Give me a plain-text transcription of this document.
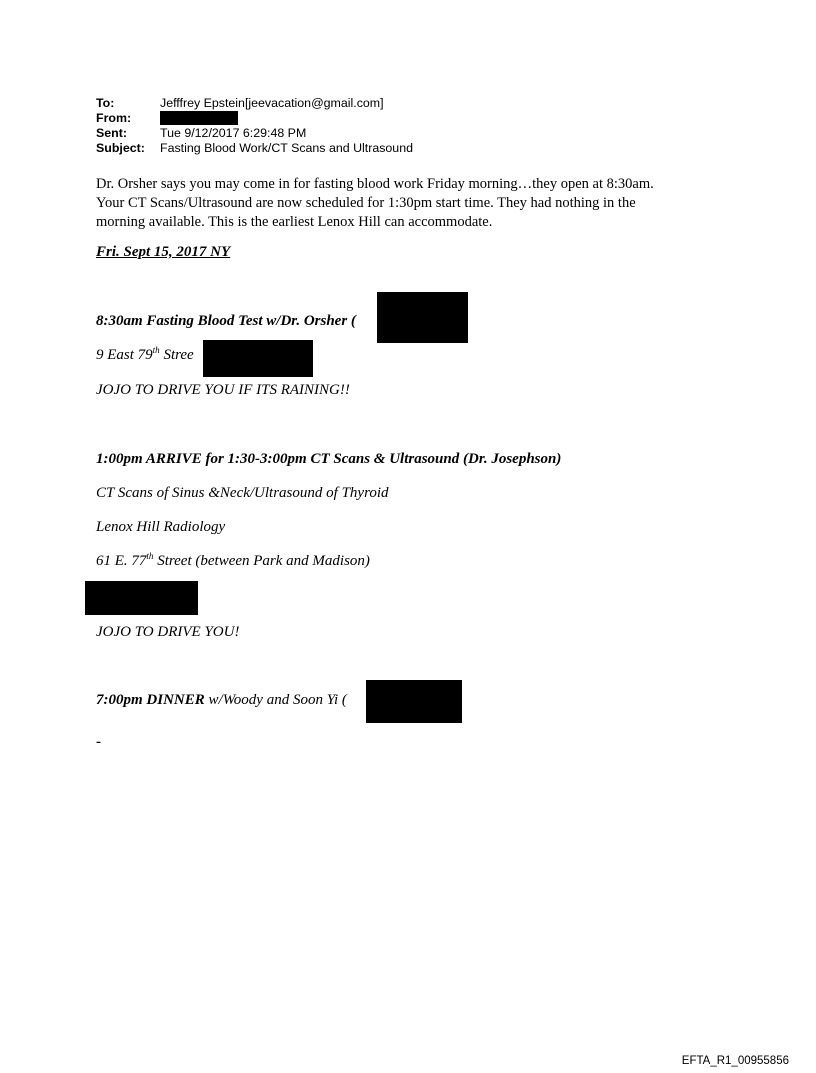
To:	Jefffrey Epstein[jeevacation@gmail.com]
From:
Sent:	Tue 9/12/2017 6:29:48 PM
Subject:	Fasting Blood Work/CT Scans and Ultrasound
Dr. Orsher says you may come in for fasting blood work Friday morning…they open at 8:30am.
Your CT Scans/Ultrasound are now scheduled for 1:30pm start time. They had nothing in the
morning available. This is the earliest Lenox Hill can accommodate.
Fri. Sept 15, 2017 NY
8:30am Fasting Blood Test w/Dr. Orsher (
9 East 79th Stree
JOJO TO DRIVE YOU IF ITS RAINING!!
1:00pm ARRIVE for 1:30-3:00pm CT Scans & Ultrasound (Dr. Josephson)
CT Scans of Sinus &Neck/Ultrasound of Thyroid
Lenox Hill Radiology
61 E. 77th Street (between Park and Madison)
JOJO TO DRIVE YOU!
7:00pm DINNER w/Woody and Soon Yi (
-
EFTA_R1_00955856
